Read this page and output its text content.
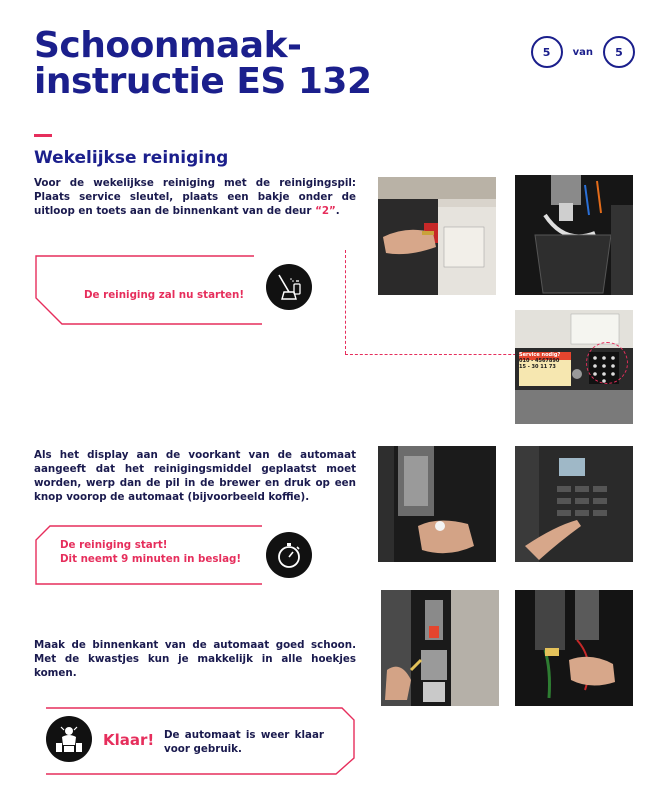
Schoonmaak-instructie ES 132
5	van	5
Wekelijkse reiniging

Voor de wekelijkse reiniging met de reinigingspil: Plaats service sleutel, plaats een bakje onder de uitloop en toets aan de binnenkant van de deur “2”.

De reiniging zal nu starten!

Als het display aan de voorkant van de automaat aangeeft dat het reinigingsmiddel geplaatst moet worden, werp dan de pil in de brewer en druk op een knop voorop de automaat (bijvoorbeeld koffie).

De reiniging start!
Dit neemt 9 minuten in beslag!

Maak de binnenkant van de automaat goed schoon. Met de kwastjes kun je makkelijk in alle hoekjes komen.

De automaat is weer klaar voor gebruik.
Klaar!
Service nodig?
010 - 4567890
15 - 30 11 73
